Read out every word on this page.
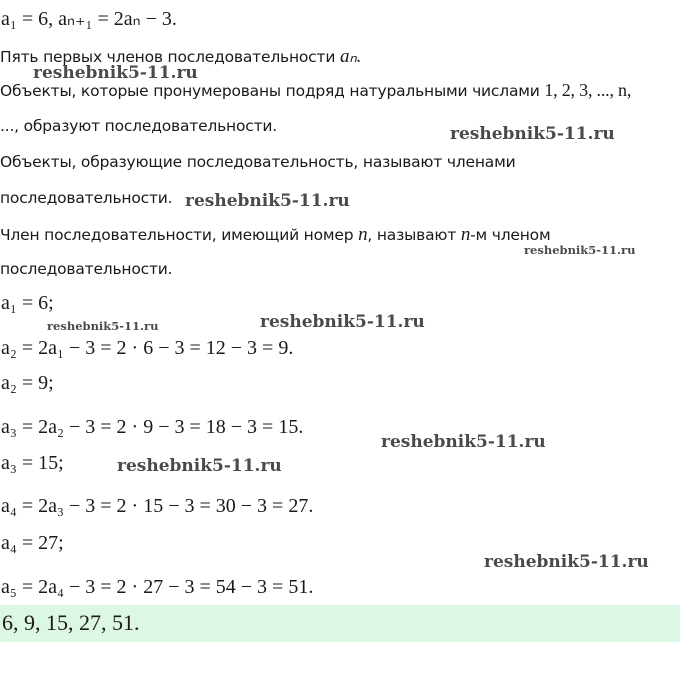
a₁ = 6, aₙ₊₁ = 2aₙ − 3.
Пять первых членов последовательности aₙ.
Объекты, которые пронумерованы подряд натуральными числами 1, 2, 3, ..., n,
..., образуют последовательности.
Объекты, образующие последовательность, называют членами
последовательности.
Член последовательности, имеющий номер n, называют n-м членом
последовательности.
a₁ = 6;
a₂ = 2a₁ − 3 = 2 · 6 − 3 = 12 − 3 = 9.
a₂ = 9;
a₃ = 2a₂ − 3 = 2 · 9 − 3 = 18 − 3 = 15.
a₃ = 15;
a₄ = 2a₃ − 3 = 2 · 15 − 3 = 30 − 3 = 27.
a₄ = 27;
a₅ = 2a₄ − 3 = 2 · 27 − 3 = 54 − 3 = 51.
6, 9, 15, 27, 51.
reshebnik5-11.ru
reshebnik5-11.ru
reshebnik5-11.ru
reshebnik5-11.ru
reshebnik5-11.ru	reshebnik5-11.ru
reshebnik5-11.ru
reshebnik5-11.ru
reshebnik5-11.ru
